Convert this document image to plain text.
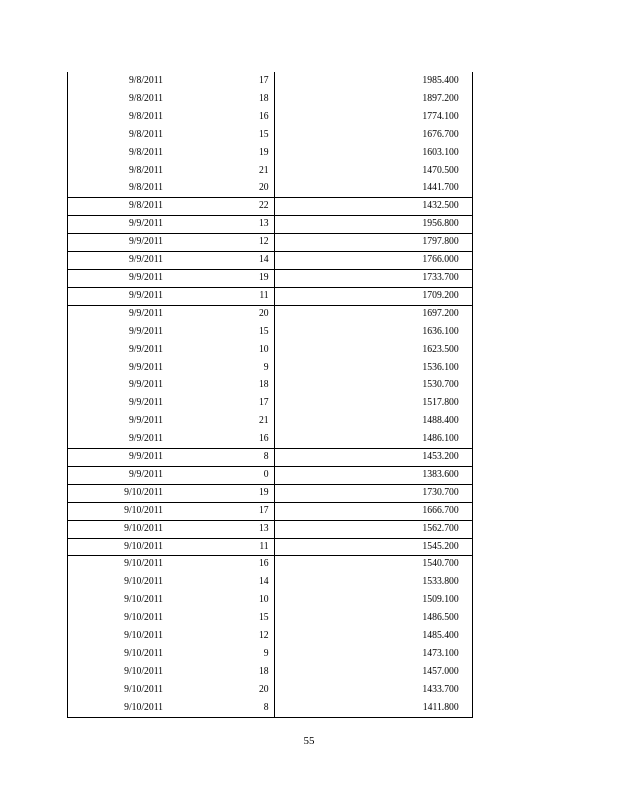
9/8/2011	17	1985.400
9/8/2011	18	1897.200
9/8/2011	16	1774.100
9/8/2011	15	1676.700
9/8/2011	19	1603.100
9/8/2011	21	1470.500
9/8/2011	20	1441.700
9/8/2011	22	1432.500
9/9/2011	13	1956.800
9/9/2011	12	1797.800
9/9/2011	14	1766.000
9/9/2011	19	1733.700
9/9/2011	11	1709.200
9/9/2011	20	1697.200
9/9/2011	15	1636.100
9/9/2011	10	1623.500
9/9/2011	9	1536.100
9/9/2011	18	1530.700
9/9/2011	17	1517.800
9/9/2011	21	1488.400
9/9/2011	16	1486.100
9/9/2011	8	1453.200
9/9/2011	0	1383.600
9/10/2011	19	1730.700
9/10/2011	17	1666.700
9/10/2011	13	1562.700
9/10/2011	11	1545.200
9/10/2011	16	1540.700
9/10/2011	14	1533.800
9/10/2011	10	1509.100
9/10/2011	15	1486.500
9/10/2011	12	1485.400
9/10/2011	9	1473.100
9/10/2011	18	1457.000
9/10/2011	20	1433.700
9/10/2011	8	1411.800
55
